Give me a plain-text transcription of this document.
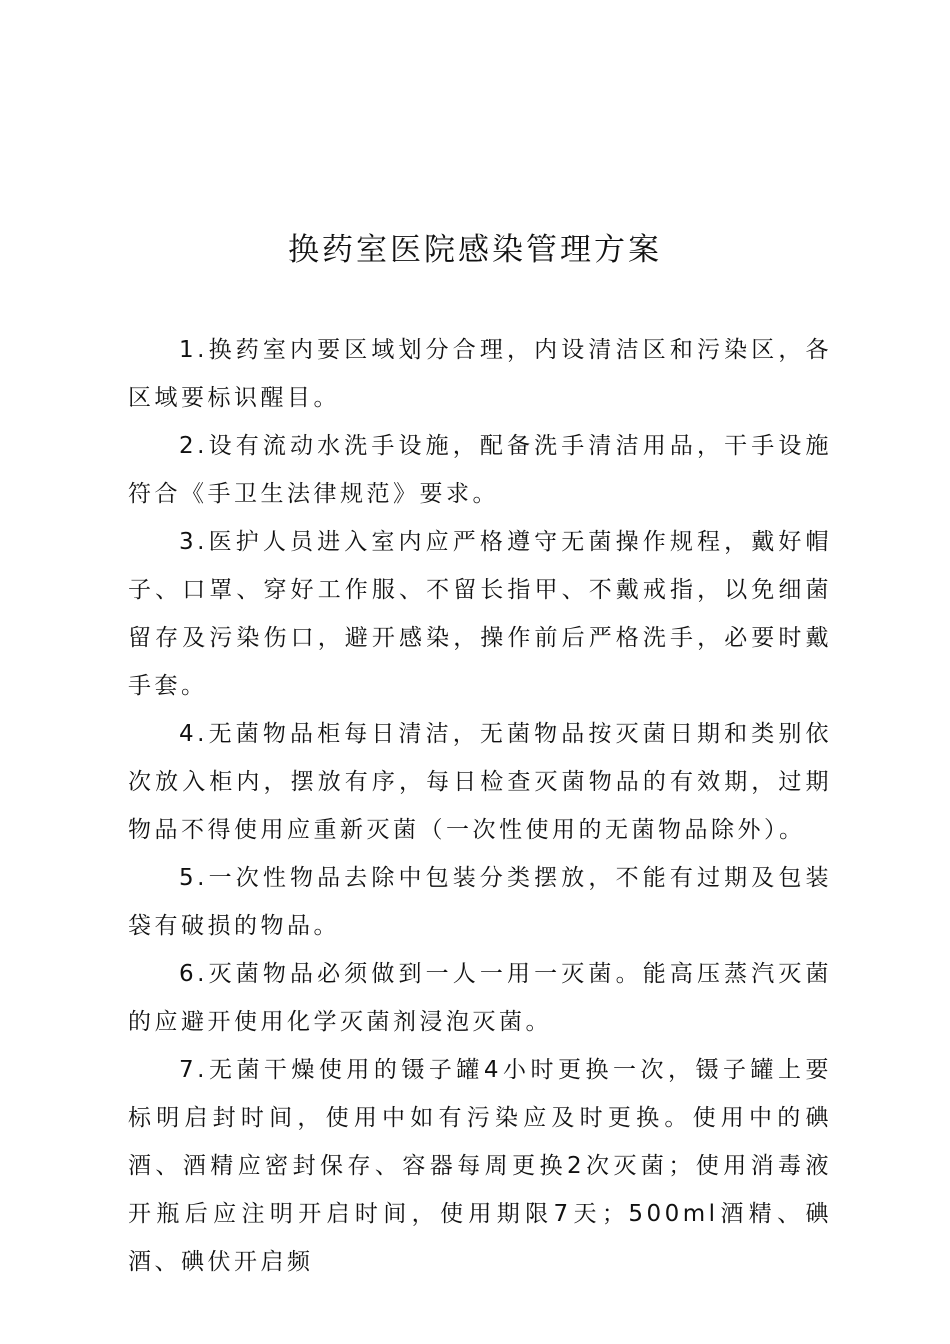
换药室医院感染管理方案

1.换药室内要区域划分合理，内设清洁区和污染区，各区域要标识醒目。

2.设有流动水洗手设施，配备洗手清洁用品，干手设施符合《手卫生法律规范》要求。

3.医护人员进入室内应严格遵守无菌操作规程，戴好帽子、口罩、穿好工作服、不留长指甲、不戴戒指，以免细菌留存及污染伤口，避开感染，操作前后严格洗手，必要时戴手套。

4.无菌物品柜每日清洁，无菌物品按灭菌日期和类别依次放入柜内，摆放有序，每日检查灭菌物品的有效期，过期物品不得使用应重新灭菌（一次性使用的无菌物品除外）。

5.一次性物品去除中包装分类摆放，不能有过期及包装袋有破损的物品。

6.灭菌物品必须做到一人一用一灭菌。能高压蒸汽灭菌的应避开使用化学灭菌剂浸泡灭菌。

7.无菌干燥使用的镊子罐4小时更换一次，镊子罐上要标明启封时间，使用中如有污染应及时更换。使用中的碘酒、酒精应密封保存、容器每周更换2次灭菌；使用消毒液开瓶后应注明开启时间，使用期限7天；500ml酒精、碘酒、碘伏开启频
